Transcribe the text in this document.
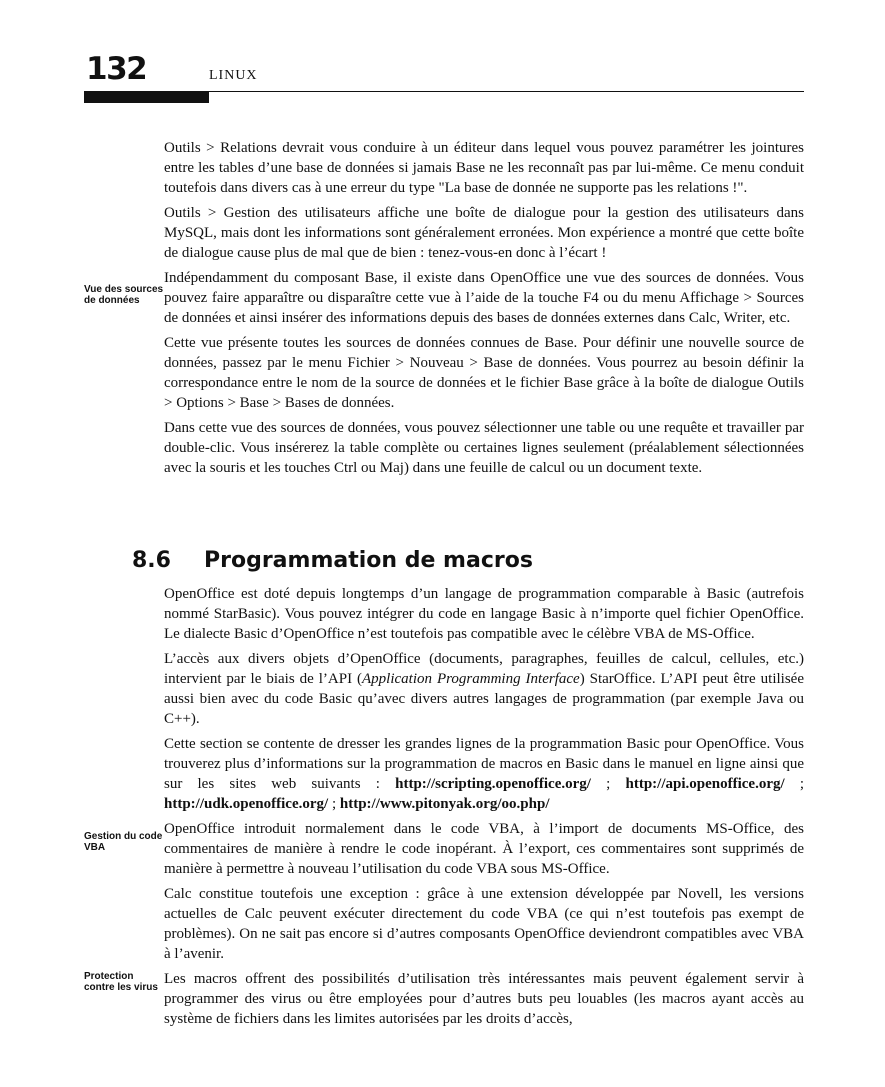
132	LINUX
Vue des sources de données
Gestion du code VBA
Protection contre les virus

Outils > Relations devrait vous conduire à un éditeur dans lequel vous pouvez paramétrer les jointures entre les tables d’une base de données si jamais Base ne les reconnaît pas par lui-même. Ce menu conduit toutefois dans divers cas à une erreur du type "La base de donnée ne supporte pas les relations !".

Outils > Gestion des utilisateurs affiche une boîte de dialogue pour la gestion des utilisateurs dans MySQL, mais dont les informations sont généralement erronées. Mon expérience a montré que cette boîte de dialogue cause plus de mal que de bien : tenez-vous-en donc à l’écart !

Indépendamment du composant Base, il existe dans OpenOffice une vue des sources de données. Vous pouvez faire apparaître ou disparaître cette vue à l’aide de la touche F4 ou du menu Affichage > Sources de données et ainsi insérer des informations depuis des bases de données externes dans Calc, Writer, etc.

Cette vue présente toutes les sources de données connues de Base. Pour définir une nouvelle source de données, passez par le menu Fichier > Nouveau > Base de données. Vous pourrez au besoin définir la correspondance entre le nom de la source de données et le fichier Base grâce à la boîte de dialogue Outils > Options > Base > Bases de données.

Dans cette vue des sources de données, vous pouvez sélectionner une table ou une requête et travailler par double-clic. Vous insérerez la table complète ou certaines lignes seulement (préalablement sélectionnées avec la souris et les touches Ctrl ou Maj) dans une feuille de calcul ou un document texte.

8.6 Programmation de macros

OpenOffice est doté depuis longtemps d’un langage de programmation comparable à Basic (autrefois nommé StarBasic). Vous pouvez intégrer du code en langage Basic à n’importe quel fichier OpenOffice. Le dialecte Basic d’OpenOffice n’est toutefois pas compatible avec le célèbre VBA de MS-Office.

L’accès aux divers objets d’OpenOffice (documents, paragraphes, feuilles de calcul, cellules, etc.) intervient par le biais de l’API (Application Programming Interface) StarOffice. L’API peut être utilisée aussi bien avec du code Basic qu’avec divers autres langages de programmation (par exemple Java ou C++).

Cette section se contente de dresser les grandes lignes de la programmation Basic pour OpenOffice. Vous trouverez plus d’informations sur la programmation de macros en Basic dans le manuel en ligne ainsi que sur les sites web suivants : http://scripting.openoffice.org/ ; http://api.openoffice.org/ ; http://udk.openoffice.org/ ; http://www.pitonyak.org/oo.php/

OpenOffice introduit normalement dans le code VBA, à l’import de documents MS-Office, des commentaires de manière à rendre le code inopérant. À l’export, ces commentaires sont supprimés de manière à permettre à nouveau l’utilisation du code VBA sous MS-Office.

Calc constitue toutefois une exception : grâce à une extension développée par Novell, les versions actuelles de Calc peuvent exécuter directement du code VBA (ce qui n’est toutefois pas exempt de problèmes). On ne sait pas encore si d’autres composants OpenOffice deviendront compatibles avec VBA à l’avenir.

Les macros offrent des possibilités d’utilisation très intéressantes mais peuvent également servir à programmer des virus ou être employées pour d’autres buts peu louables (les macros ayant accès au système de fichiers dans les limites autorisées par les droits d’accès,
